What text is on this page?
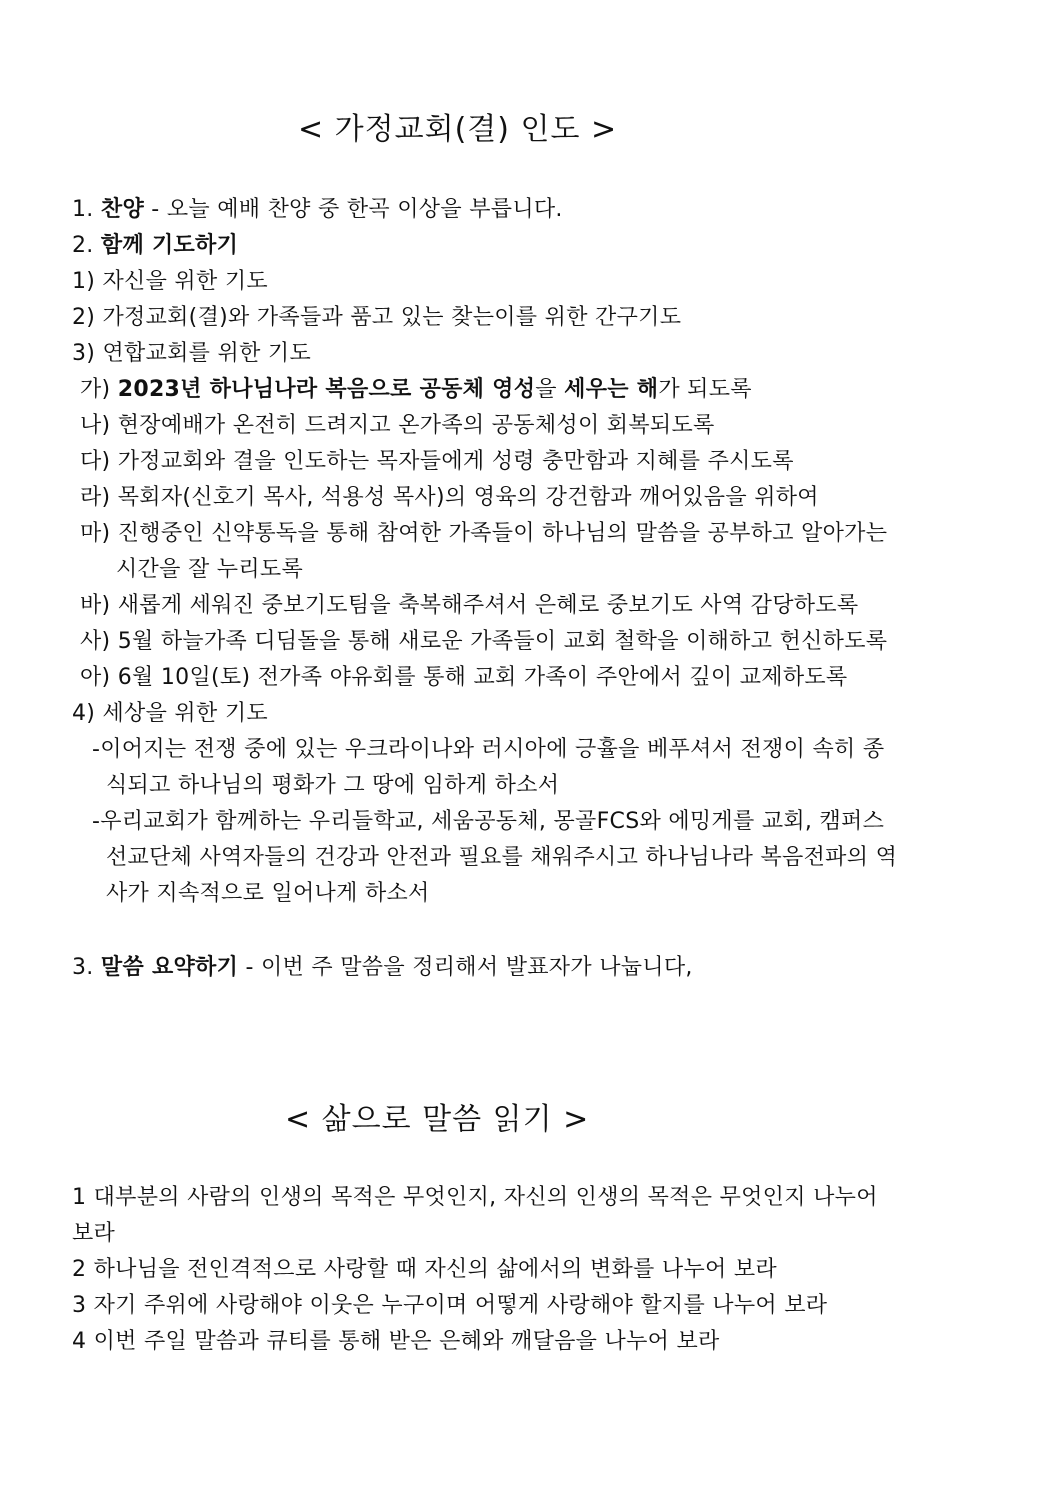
< 가정교회(결) 인도 >
1. 찬양 - 오늘 예배 찬양 중 한곡 이상을 부릅니다.
2. 함께 기도하기
1) 자신을 위한 기도
2) 가정교회(결)와 가족들과 품고 있는 찾는이를 위한 간구기도
3) 연합교회를 위한 기도
가) 2023년 하나님나라 복음으로 공동체 영성을 세우는 해가 되도록
나) 현장예배가 온전히 드려지고 온가족의 공동체성이 회복되도록
다) 가정교회와 결을 인도하는 목자들에게 성령 충만함과 지혜를 주시도록
라) 목회자(신호기 목사, 석용성 목사)의 영육의 강건함과 깨어있음을 위하여
마) 진행중인 신약통독을 통해 참여한 가족들이 하나님의 말씀을 공부하고 알아가는
시간을 잘 누리도록
바) 새롭게 세워진 중보기도팀을 축복해주셔서 은혜로 중보기도 사역 감당하도록
사) 5월 하늘가족 디딤돌을 통해 새로운 가족들이 교회 철학을 이해하고 헌신하도록
아) 6월 10일(토) 전가족 야유회를 통해 교회 가족이 주안에서 깊이 교제하도록
4) 세상을 위한 기도
-이어지는 전쟁 중에 있는 우크라이나와 러시아에 긍휼을 베푸셔서 전쟁이 속히 종
식되고 하나님의 평화가 그 땅에 임하게 하소서
-우리교회가 함께하는 우리들학교, 세움공동체, 몽골FCS와 에밍게를 교회, 캠퍼스
선교단체 사역자들의 건강과 안전과 필요를 채워주시고 하나님나라 복음전파의 역
사가 지속적으로 일어나게 하소서
3. 말씀 요약하기 - 이번 주 말씀을 정리해서 발표자가 나눕니다,
< 삶으로 말씀 읽기 >
1 대부분의 사람의 인생의 목적은 무엇인지, 자신의 인생의 목적은 무엇인지 나누어
보라
2 하나님을 전인격적으로 사랑할 때 자신의 삶에서의 변화를 나누어 보라
3 자기 주위에 사랑해야 이웃은 누구이며 어떻게 사랑해야 할지를 나누어 보라
4 이번 주일 말씀과 큐티를 통해 받은 은혜와 깨달음을 나누어 보라
